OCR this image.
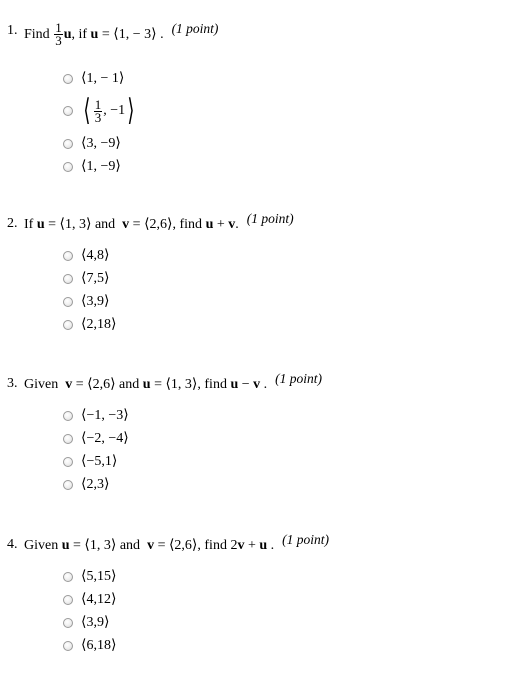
1. Find
$\frac{1}{3}$ u , if
u
= ⟨1, − 3⟩
. (1 point)
⟨1, − 1⟩
⟨ $\frac{1}{3}$ , −1 ⟩
⟨3, −9⟩
⟨1, −9⟩
2. If
u
= ⟨1, 3⟩
and
v
= ⟨2,6⟩ , find
u
+
v . (1 point)
⟨4,8⟩
⟨7,5⟩
⟨3,9⟩
⟨2,18⟩
3. Given
v
= ⟨2,6⟩
and
u
= ⟨1, 3⟩ , find
u
−
v
. (1 point)
⟨−1, −3⟩
⟨−2, −4⟩
⟨−5,1⟩
⟨2,3⟩
4. Given
u
= ⟨1, 3⟩
and
v
= ⟨2,6⟩ , find
2 v
+
u
. (1 point)
⟨5,15⟩
⟨4,12⟩
⟨3,9⟩
⟨6,18⟩
